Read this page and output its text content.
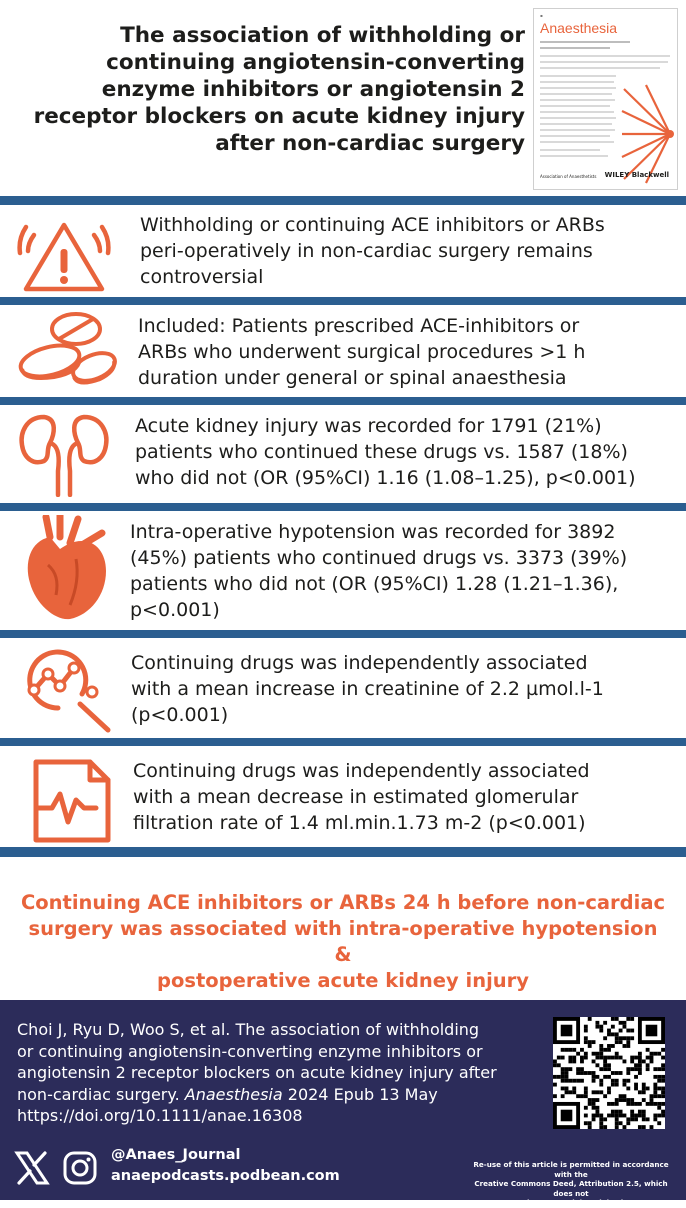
The association of withholding or continuing angiotensin-converting enzyme inhibitors or angiotensin 2 receptor blockers on acute kidney injury after non-cardiac surgery
▪
Anaesthesia
Association of Anaesthetists WILEY Blackwell
Withholding or continuing ACE inhibitors or ARBs
peri-operatively in non-cardiac surgery remains
controversial
Included: Patients prescribed ACE-inhibitors or
ARBs who underwent surgical procedures >1 h
duration under general or spinal anaesthesia
Acute kidney injury was recorded for 1791 (21%)
patients who continued these drugs vs. 1587 (18%)
who did not (OR (95%CI) 1.16 (1.08–1.25), p<0.001)
Intra-operative hypotension was recorded for 3892
(45%) patients who continued drugs vs. 3373 (39%)
patients who did not (OR (95%CI) 1.28 (1.21–1.36),
p<0.001)
Continuing drugs was independently associated
with a mean increase in creatinine of 2.2 µmol.l-1
(p<0.001)
Continuing drugs was independently associated
with a mean decrease in estimated glomerular
filtration rate of 1.4 ml.min.1.73 m-2 (p<0.001)
Continuing ACE inhibitors or ARBs 24 h before non-cardiac
surgery was associated with intra-operative hypotension &
postoperative acute kidney injury
Choi J, Ryu D, Woo S, et al. The association of withholding
or continuing angiotensin-converting enzyme inhibitors or
angiotensin 2 receptor blockers on acute kidney injury after
non-cardiac surgery. Anaesthesia 2024 Epub 13 May
https://doi.org/10.1111/anae.16308
@Anaes_Journal
anaepodcasts.podbean.com
Re-use of this article is permitted in accordance with the
Creative Commons Deed, Attribution 2.5, which does not
permit commercial exploitation.
